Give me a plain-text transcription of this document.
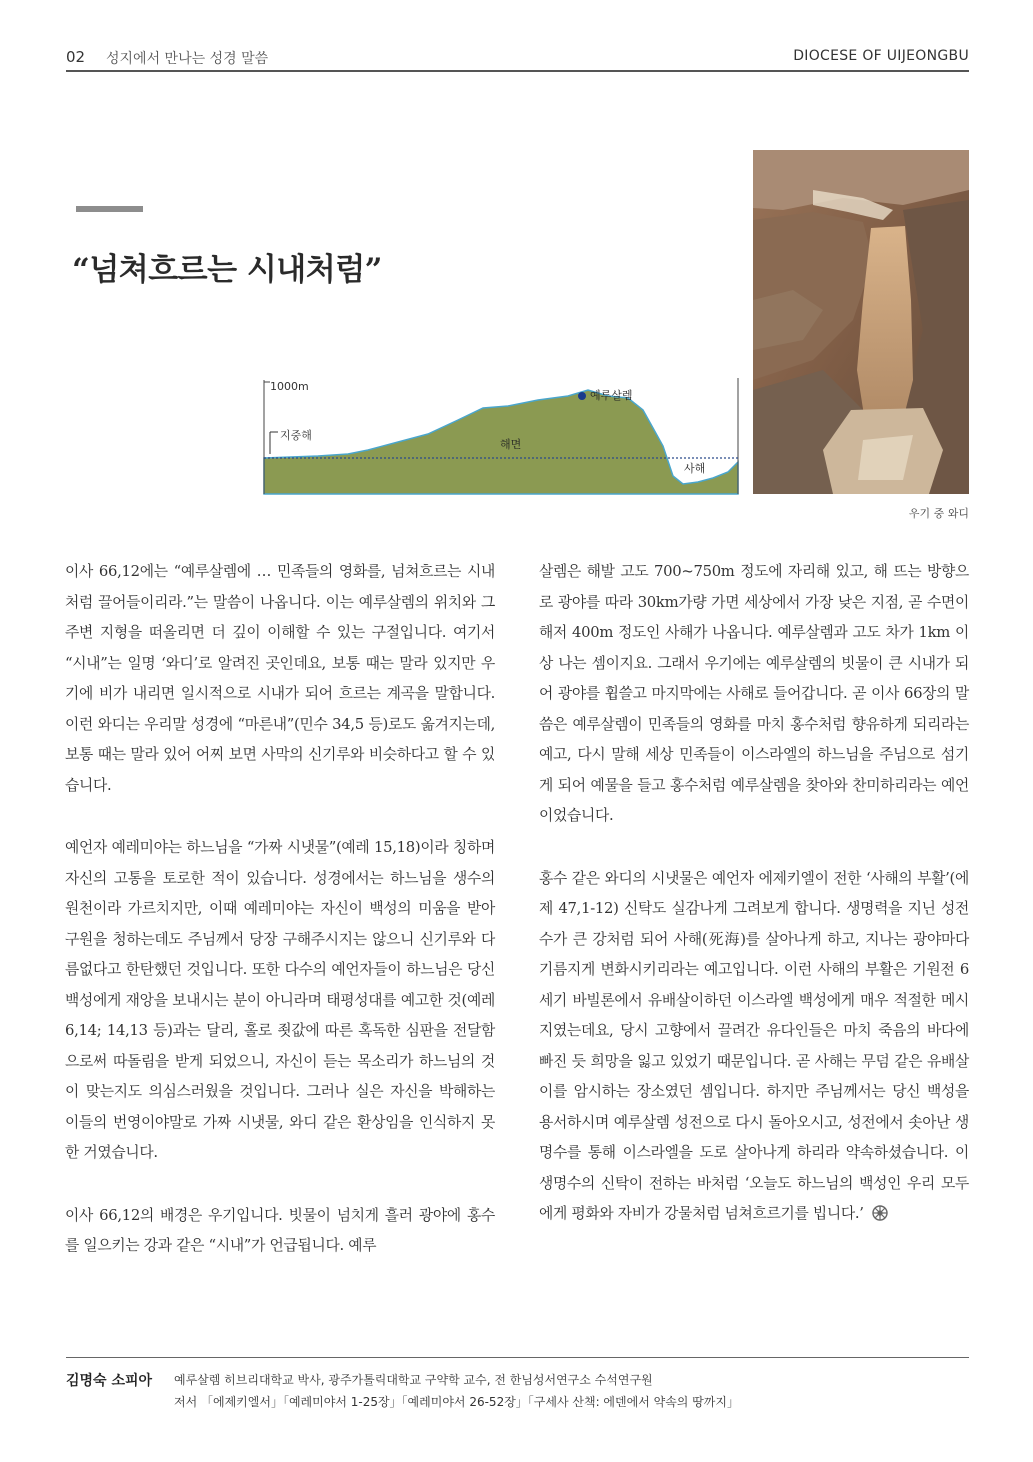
02 성지에서 만나는 성경 말씀	DIOCESE OF UIJEONGBU
“넘쳐흐르는 시내처럼”
1000m
지중해
해면
예루살렘
사해
우기 중 와디

이사 66,12에는 “예루살렘에 … 민족들의 영화를, 넘쳐흐르는 시내처럼 끌어들이리라.”는 말씀이 나옵니다. 이는 예루살렘의 위치와 그 주변 지형을 떠올리면 더 깊이 이해할 수 있는 구절입니다. 여기서 “시내”는 일명 ‘와디’로 알려진 곳인데요, 보통 때는 말라 있지만 우기에 비가 내리면 일시적으로 시내가 되어 흐르는 계곡을 말합니다. 이런 와디는 우리말 성경에 “마른내”(민수 34,5 등)로도 옮겨지는데, 보통 때는 말라 있어 어찌 보면 사막의 신기루와 비슷하다고 할 수 있습니다.

예언자 예레미야는 하느님을 “가짜 시냇물”(예레 15,18)이라 칭하며 자신의 고통을 토로한 적이 있습니다. 성경에서는 하느님을 생수의 원천이라 가르치지만, 이때 예레미야는 자신이 백성의 미움을 받아 구원을 청하는데도 주님께서 당장 구해주시지는 않으니 신기루와 다름없다고 한탄했던 것입니다. 또한 다수의 예언자들이 하느님은 당신 백성에게 재앙을 보내시는 분이 아니라며 태평성대를 예고한 것(예레 6,14; 14,13 등)과는 달리, 홀로 죗값에 따른 혹독한 심판을 전달함으로써 따돌림을 받게 되었으니, 자신이 듣는 목소리가 하느님의 것이 맞는지도 의심스러웠을 것입니다. 그러나 실은 자신을 박해하는 이들의 번영이야말로 가짜 시냇물, 와디 같은 환상임을 인식하지 못한 거였습니다.

이사 66,12의 배경은 우기입니다. 빗물이 넘치게 흘러 광야에 홍수를 일으키는 강과 같은 “시내”가 언급됩니다. 예루

살렘은 해발 고도 700~750m 정도에 자리해 있고, 해 뜨는 방향으로 광야를 따라 30km가량 가면 세상에서 가장 낮은 지점, 곧 수면이 해저 400m 정도인 사해가 나옵니다. 예루살렘과 고도 차가 1km 이상 나는 셈이지요. 그래서 우기에는 예루살렘의 빗물이 큰 시내가 되어 광야를 휩쓸고 마지막에는 사해로 들어갑니다. 곧 이사 66장의 말씀은 예루살렘이 민족들의 영화를 마치 홍수처럼 향유하게 되리라는 예고, 다시 말해 세상 민족들이 이스라엘의 하느님을 주님으로 섬기게 되어 예물을 들고 홍수처럼 예루살렘을 찾아와 찬미하리라는 예언이었습니다.

홍수 같은 와디의 시냇물은 예언자 에제키엘이 전한 ‘사해의 부활’(에제 47,1-12) 신탁도 실감나게 그려보게 합니다. 생명력을 지닌 성전수가 큰 강처럼 되어 사해(死海)를 살아나게 하고, 지나는 광야마다 기름지게 변화시키리라는 예고입니다. 이런 사해의 부활은 기원전 6세기 바빌론에서 유배살이하던 이스라엘 백성에게 매우 적절한 메시지였는데요, 당시 고향에서 끌려간 유다인들은 마치 죽음의 바다에 빠진 듯 희망을 잃고 있었기 때문입니다. 곧 사해는 무덤 같은 유배살이를 암시하는 장소였던 셈입니다. 하지만 주님께서는 당신 백성을 용서하시며 예루살렘 성전으로 다시 돌아오시고, 성전에서 솟아난 생명수를 통해 이스라엘을 도로 살아나게 하리라 약속하셨습니다. 이 생명수의 신탁이 전하는 바처럼 ‘오늘도 하느님의 백성인 우리 모두에게 평화와 자비가 강물처럼 넘쳐흐르기를 빕니다.’

김명숙 소피아 예루살렘 히브리대학교 박사, 광주가톨릭대학교 구약학 교수, 전 한님성서연구소 수석연구원
저서 「에제키엘서」「예레미야서 1-25장」「예레미야서 26-52장」「구세사 산책: 에덴에서 약속의 땅까지」
